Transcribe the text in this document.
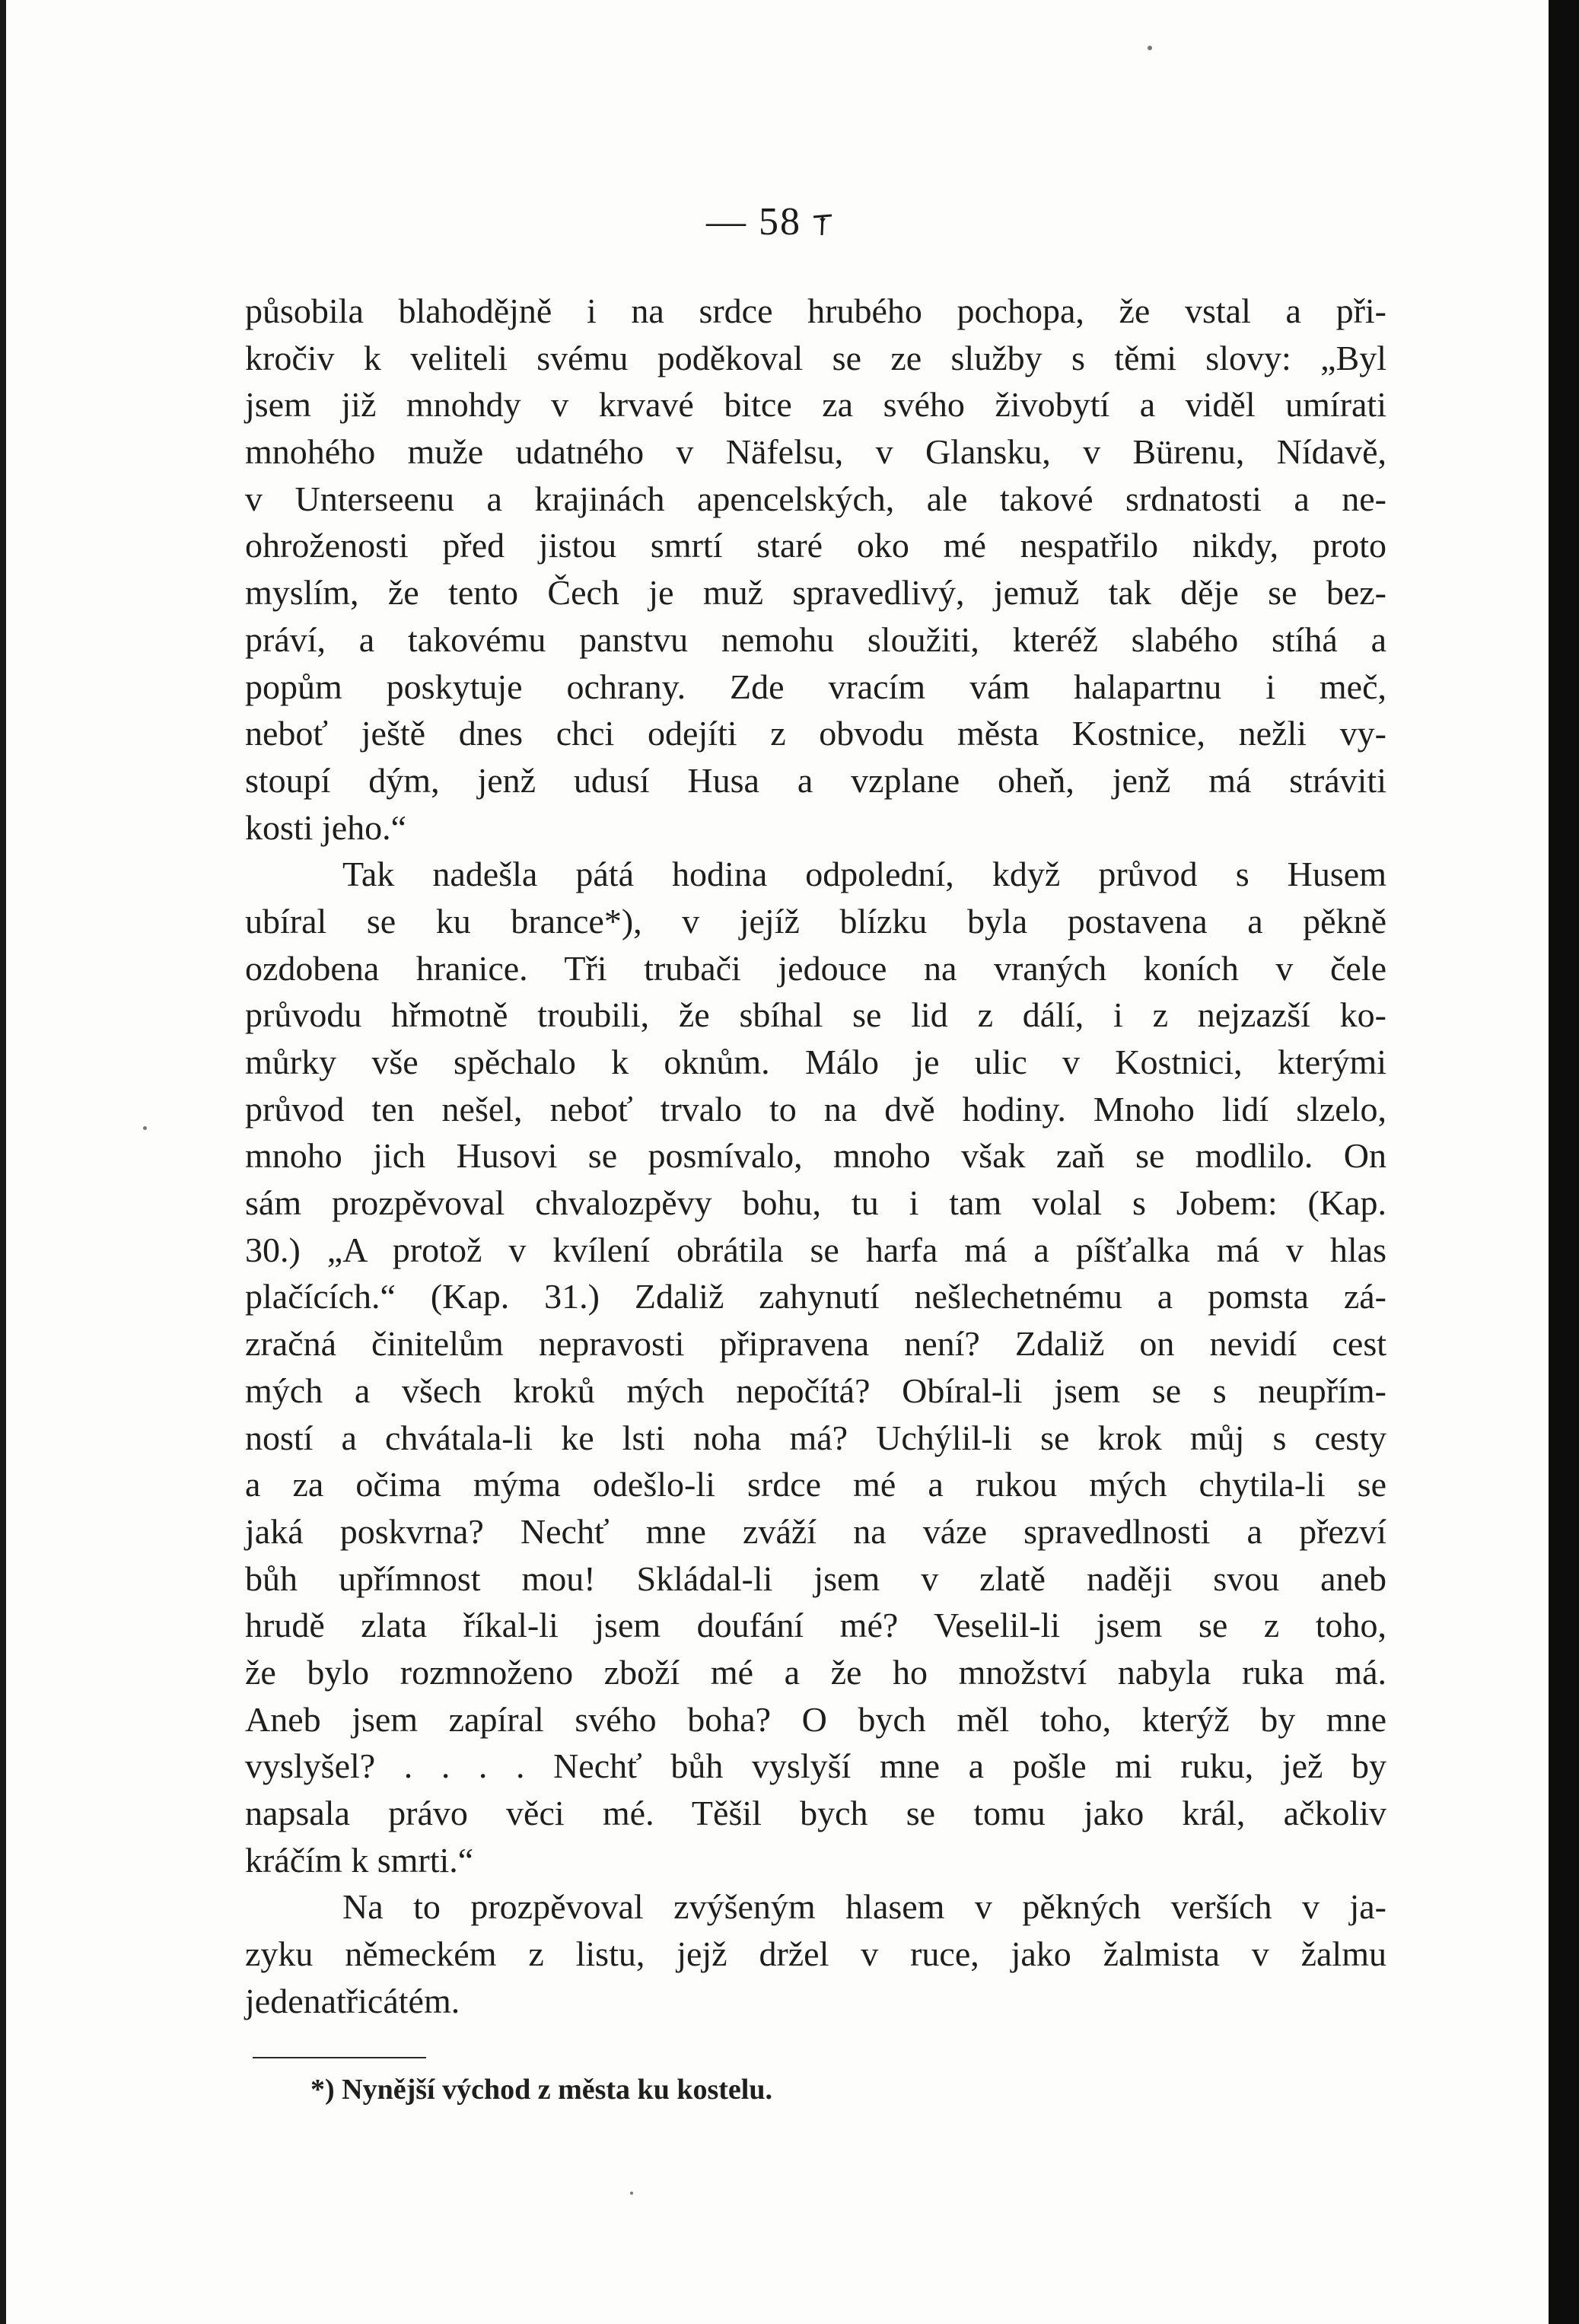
— 58
působila blahodějně i na srdce hrubého pochopa, že vstal a při-
kročiv k veliteli svému poděkoval se ze služby s těmi slovy: „Byl
jsem již mnohdy v krvavé bitce za svého živobytí a viděl umírati
mnohého muže udatného v Näfelsu, v Glansku, v Bürenu, Nídavě,
v Unterseenu a krajinách apencelských, ale takové srdnatosti a ne-
ohroženosti před jistou smrtí staré oko mé nespatřilo nikdy, proto
myslím, že tento Čech je muž spravedlivý, jemuž tak děje se bez-
práví, a takovému panstvu nemohu sloužiti, kteréž slabého stíhá a
popům poskytuje ochrany. Zde vracím vám halapartnu i meč,
neboť ještě dnes chci odejíti z obvodu města Kostnice, nežli vy-
stoupí dým, jenž udusí Husa a vzplane oheň, jenž má stráviti
kosti jeho.“
Tak nadešla pátá hodina odpolední, když průvod s Husem
ubíral se ku brance*), v jejíž blízku byla postavena a pěkně
ozdobena hranice. Tři trubači jedouce na vraných koních v čele
průvodu hřmotně troubili, že sbíhal se lid z dálí, i z nejzazší ko-
můrky vše spěchalo k oknům. Málo je ulic v Kostnici, kterými
průvod ten nešel, neboť trvalo to na dvě hodiny. Mnoho lidí slzelo,
mnoho jich Husovi se posmívalo, mnoho však zaň se modlilo. On
sám prozpěvoval chvalozpěvy bohu, tu i tam volal s Jobem: (Kap.
30.) „A protož v kvílení obrátila se harfa má a píšťalka má v hlas
plačících.“ (Kap. 31.) Zdaliž zahynutí nešlechetnému a pomsta zá-
zračná činitelům nepravosti připravena není? Zdaliž on nevidí cest
mých a všech kroků mých nepočítá? Obíral-li jsem se s neupřím-
ností a chvátala-li ke lsti noha má? Uchýlil-li se krok můj s cesty
a za očima mýma odešlo-li srdce mé a rukou mých chytila-li se
jaká poskvrna? Nechť mne zváží na váze spravedlnosti a přezví
bůh upřímnost mou! Skládal-li jsem v zlatě naději svou aneb
hrudě zlata říkal-li jsem doufání mé? Veselil-li jsem se z toho,
že bylo rozmnoženo zboží mé a že ho množství nabyla ruka má.
Aneb jsem zapíral svého boha? O bych měl toho, kterýž by mne
vyslyšel? . . . . Nechť bůh vyslyší mne a pošle mi ruku, jež by
napsala právo věci mé. Těšil bych se tomu jako král, ačkoliv
kráčím k smrti.“
Na to prozpěvoval zvýšeným hlasem v pěkných verších v ja-
zyku německém z listu, jejž držel v ruce, jako žalmista v žalmu
jedenatřicátém.
*) Nynější východ z města ku kostelu.
